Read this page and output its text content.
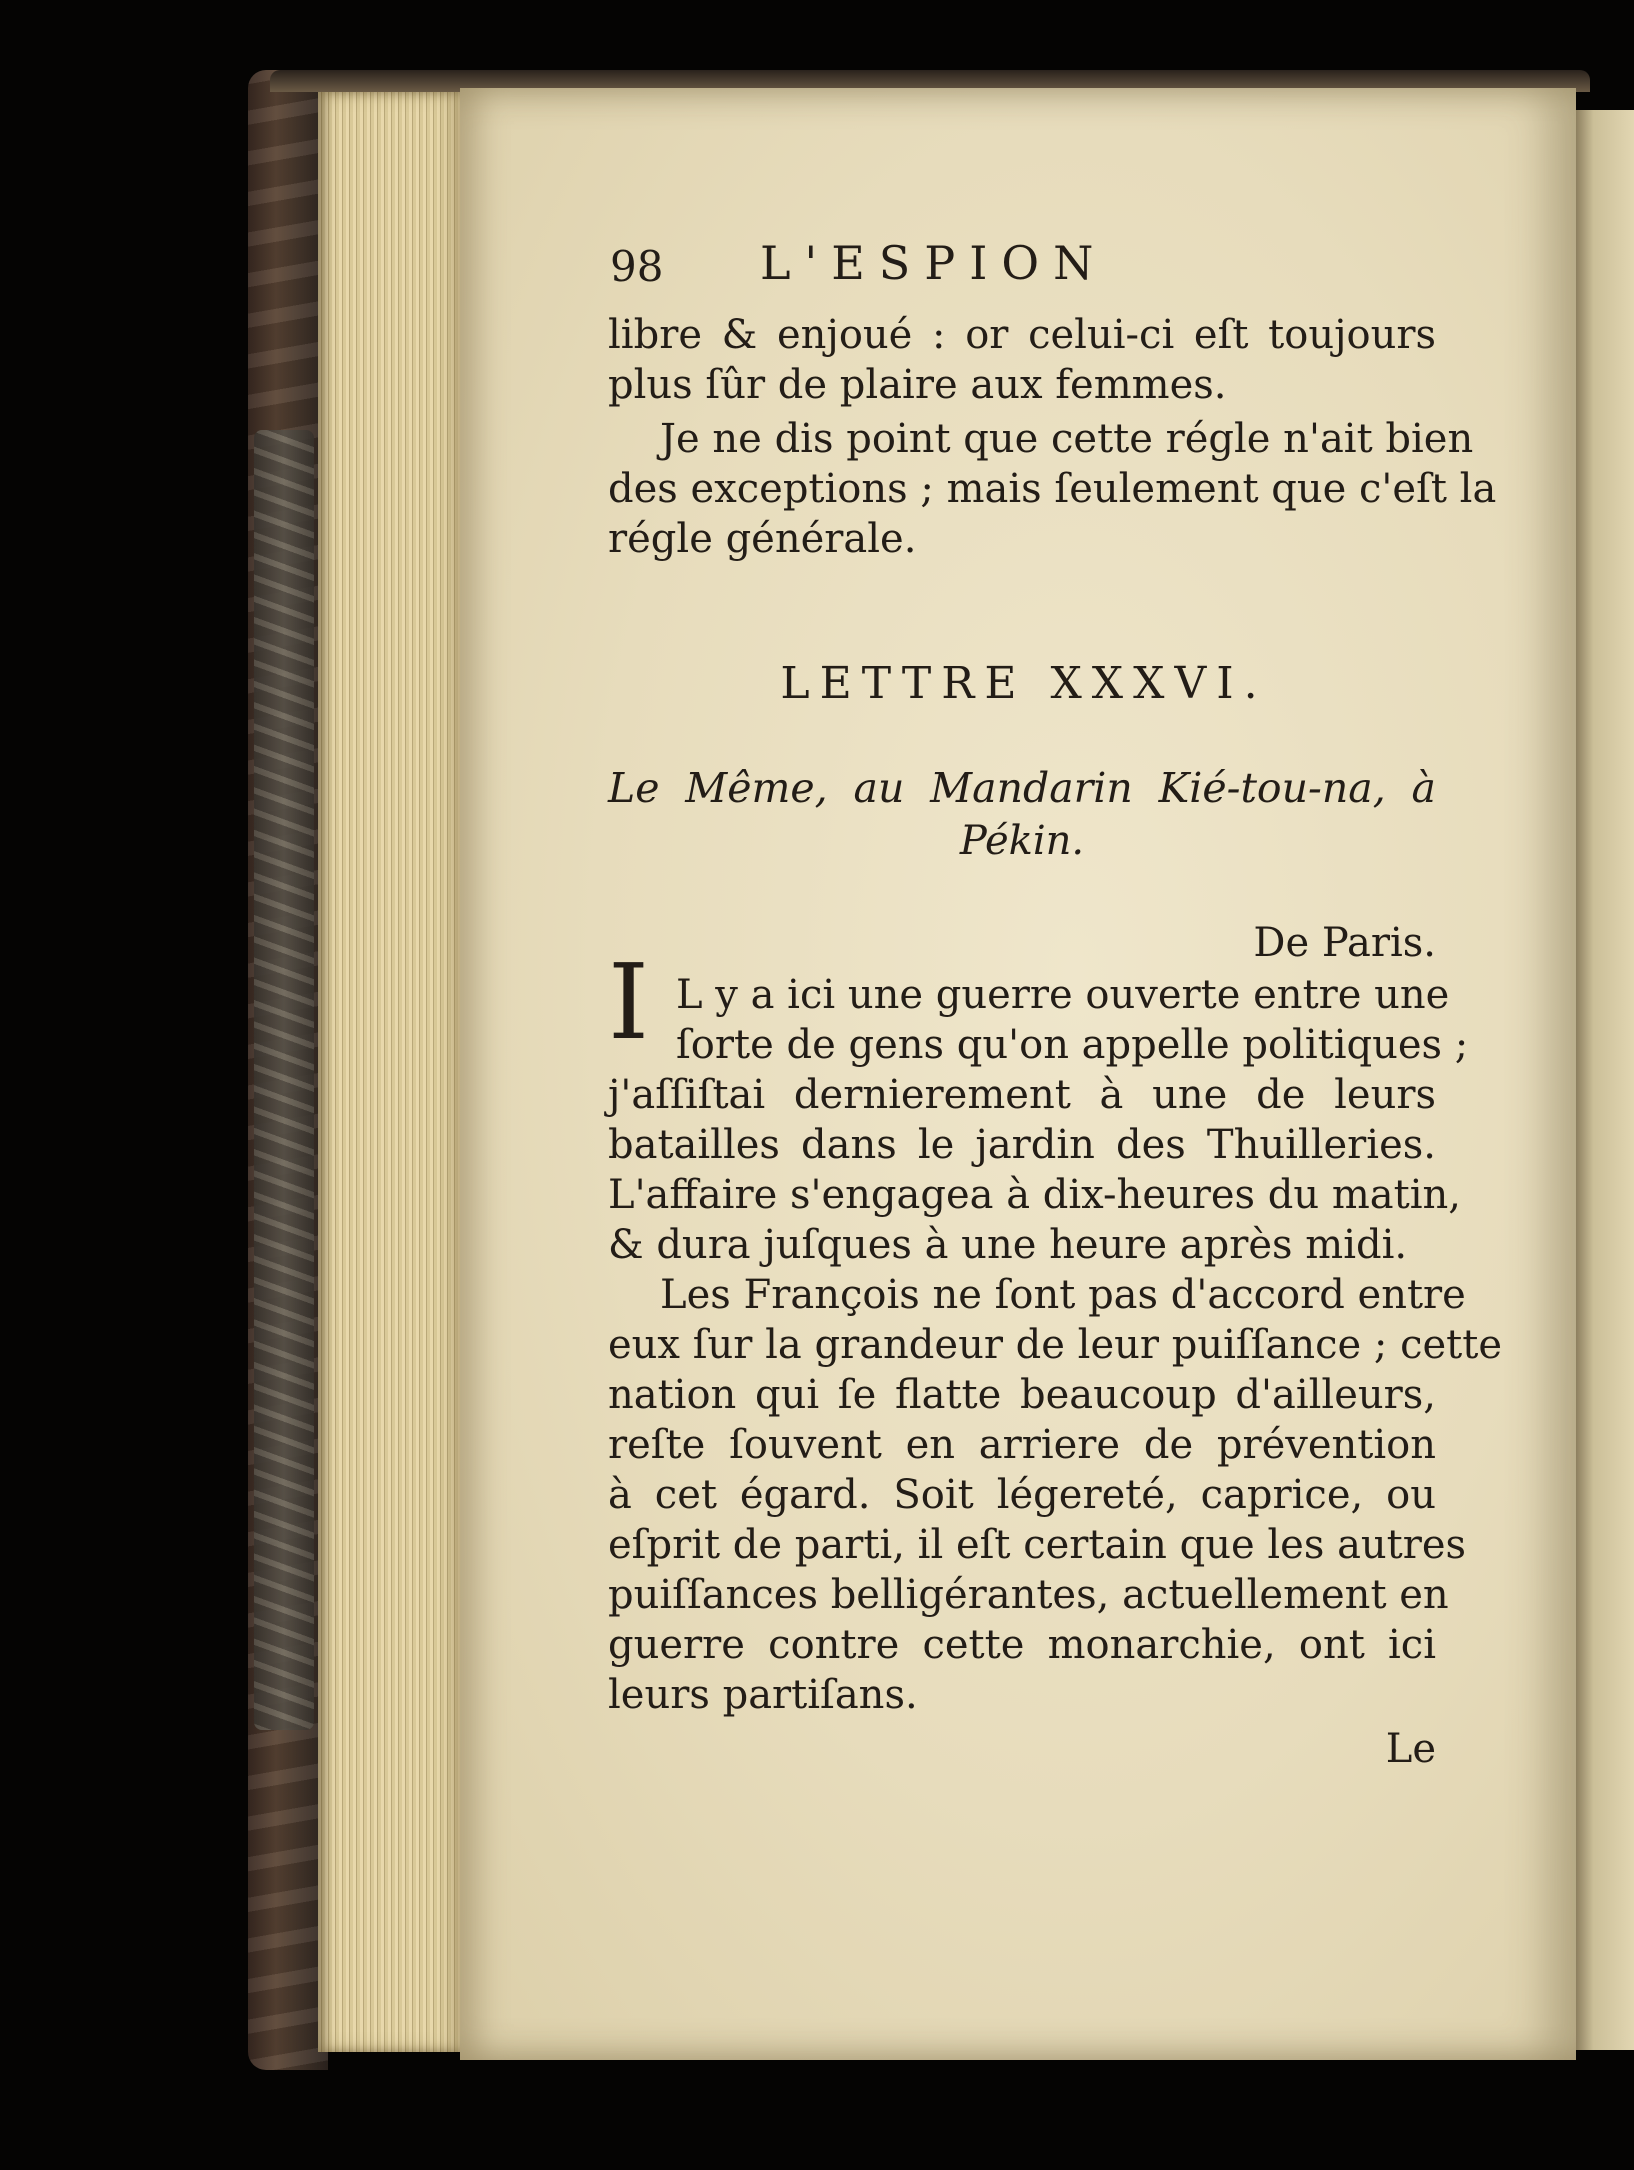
98 L'ESPION
libre & enjoué : or celui-ci eſt toujours
plus ſûr de plaire aux femmes.
Je ne dis point que cette régle n'ait bien
des exceptions ; mais ſeulement que c'eſt la
régle générale.
LETTRE XXXVI.
Le Même, au Mandarin Kié-tou-na, à
Pékin.
De Paris.
I L y a ici une guerre ouverte entre une
ſorte de gens qu'on appelle politiques ;
j'aſſiſtai dernierement à une de leurs
batailles dans le jardin des Thuilleries.
L'affaire s'engagea à dix-heures du matin,
& dura juſques à une heure après midi.
Les François ne ſont pas d'accord entre
eux ſur la grandeur de leur puiſſance ; cette
nation qui ſe flatte beaucoup d'ailleurs,
reſte ſouvent en arriere de prévention
à cet égard. Soit légereté, caprice, ou
eſprit de parti, il eſt certain que les autres
puiſſances belligérantes, actuellement en
guerre contre cette monarchie, ont ici
leurs partiſans.
Le
